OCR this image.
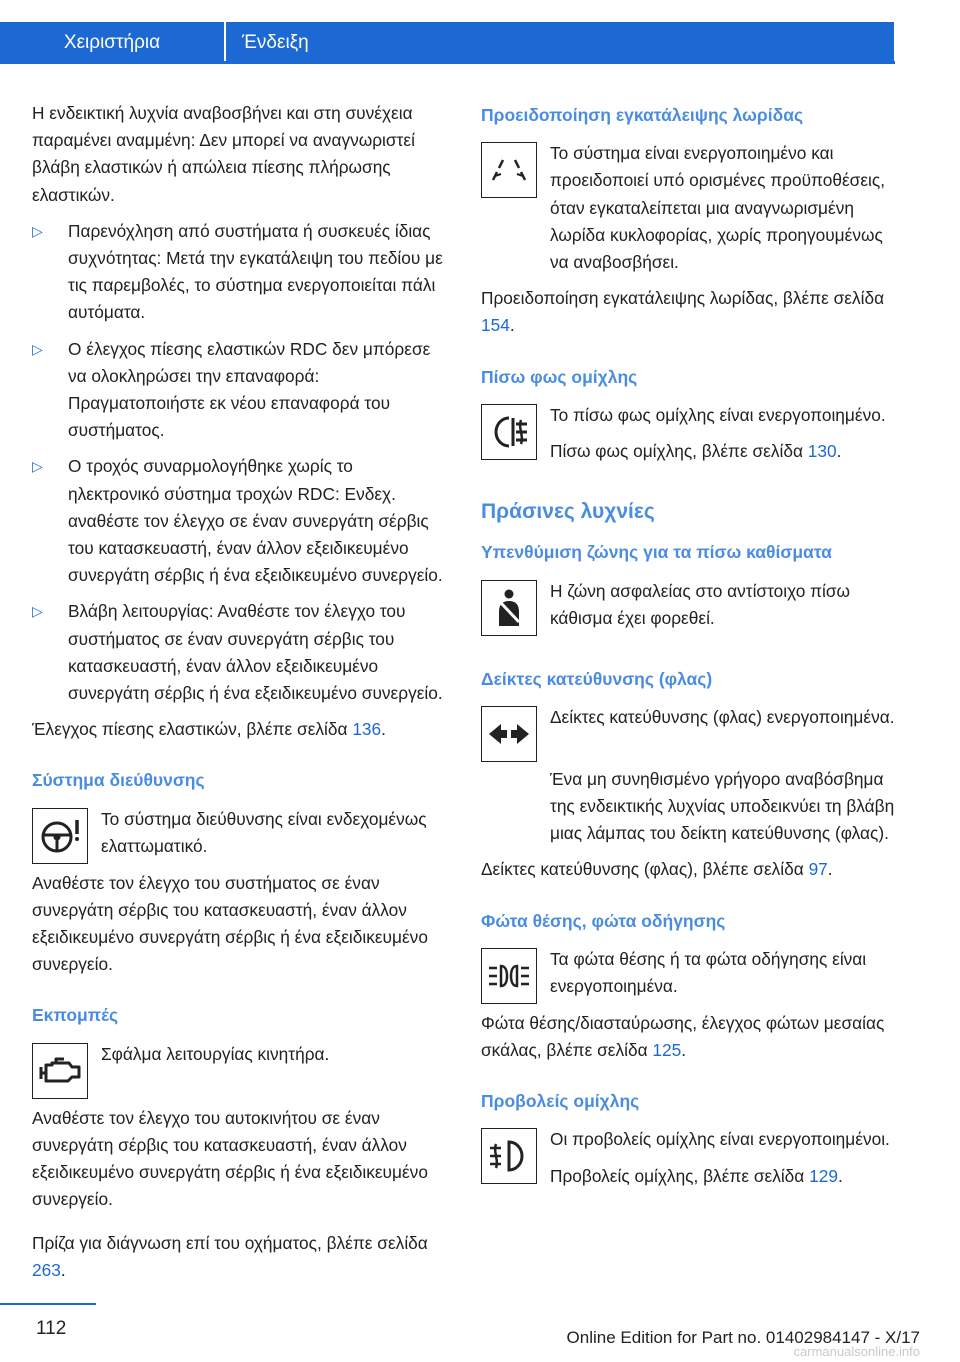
Χειριστήρια	Ένδειξη

Η ενδεικτική λυχνία αναβοσβήνει και στη συνέχεια παραμένει αναμμένη: Δεν μπορεί να αναγνωριστεί βλάβη ελαστικών ή απώλεια πίεσης πλήρωσης ελαστικών.

▷ Παρενόχληση από συστήματα ή συσκευές ίδιας συχνότητας: Μετά την εγκατάλειψη του πεδίου με τις παρεμβολές, το σύστημα ενεργοποιείται πάλι αυτόματα.
▷ Ο έλεγχος πίεσης ελαστικών RDC δεν μπόρεσε να ολοκληρώσει την επαναφορά: Πραγματοποιήστε εκ νέου επαναφορά του συστήματος.
▷ Ο τροχός συναρμολογήθηκε χωρίς το ηλεκτρονικό σύστημα τροχών RDC: Ενδεχ. αναθέστε τον έλεγχο σε έναν συνεργάτη σέρβις του κατασκευαστή, έναν άλλον εξειδικευμένο συνεργάτη σέρβις ή ένα εξειδικευμένο συνεργείο.
▷ Βλάβη λειτουργίας: Αναθέστε τον έλεγχο του συστήματος σε έναν συνεργάτη σέρβις του κατασκευαστή, έναν άλλον εξειδικευμένο συνεργάτη σέρβις ή ένα εξειδικευμένο συνεργείο.

Έλεγχος πίεσης ελαστικών, βλέπε σελίδα 136.

Σύστημα διεύθυνσης

Το σύστημα διεύθυνσης είναι ενδεχομένως ελαττωματικό.

Αναθέστε τον έλεγχο του συστήματος σε έναν συνεργάτη σέρβις του κατασκευαστή, έναν άλλον εξειδικευμένο συνεργάτη σέρβις ή ένα εξειδικευμένο συνεργείο.

Εκπομπές

Σφάλμα λειτουργίας κινητήρα.

Αναθέστε τον έλεγχο του αυτοκινήτου σε έναν συνεργάτη σέρβις του κατασκευαστή, έναν άλλον εξειδικευμένο συνεργάτη σέρβις ή ένα εξειδικευμένο συνεργείο.

Πρίζα για διάγνωση επί του οχήματος, βλέπε σελίδα 263.

Προειδοποίηση εγκατάλειψης λωρίδας

Το σύστημα είναι ενεργοποιημένο και προειδοποιεί υπό ορισμένες προϋποθέσεις, όταν εγκαταλείπεται μια αναγνωρισμένη λωρίδα κυκλοφορίας, χωρίς προηγουμένως να αναβοσβήσει.

Προειδοποίηση εγκατάλειψης λωρίδας, βλέπε σελίδα 154.

Πίσω φως ομίχλης

Το πίσω φως ομίχλης είναι ενεργοποιημένο.

Πίσω φως ομίχλης, βλέπε σελίδα 130.

Πράσινες λυχνίες
Υπενθύμιση ζώνης για τα πίσω καθίσματα

Η ζώνη ασφαλείας στο αντίστοιχο πίσω κάθισμα έχει φορεθεί.

Δείκτες κατεύθυνσης (φλας)

Δείκτες κατεύθυνσης (φλας) ενεργοποιημένα.

Ένα μη συνηθισμένο γρήγορο αναβόσβημα της ενδεικτικής λυχνίας υποδεικνύει τη βλάβη μιας λάμπας του δείκτη κατεύθυνσης (φλας).

Δείκτες κατεύθυνσης (φλας), βλέπε σελίδα 97.

Φώτα θέσης, φώτα οδήγησης

Τα φώτα θέσης ή τα φώτα οδήγησης είναι ενεργοποιημένα.

Φώτα θέσης/διασταύρωσης, έλεγχος φώτων μεσαίας σκάλας, βλέπε σελίδα 125.

Προβολείς ομίχλης

Οι προβολείς ομίχλης είναι ενεργοποιημένοι.

Προβολείς ομίχλης, βλέπε σελίδα 129.

112	Online Edition for Part no. 01402984147 - X/17
carmanualsonline.info
